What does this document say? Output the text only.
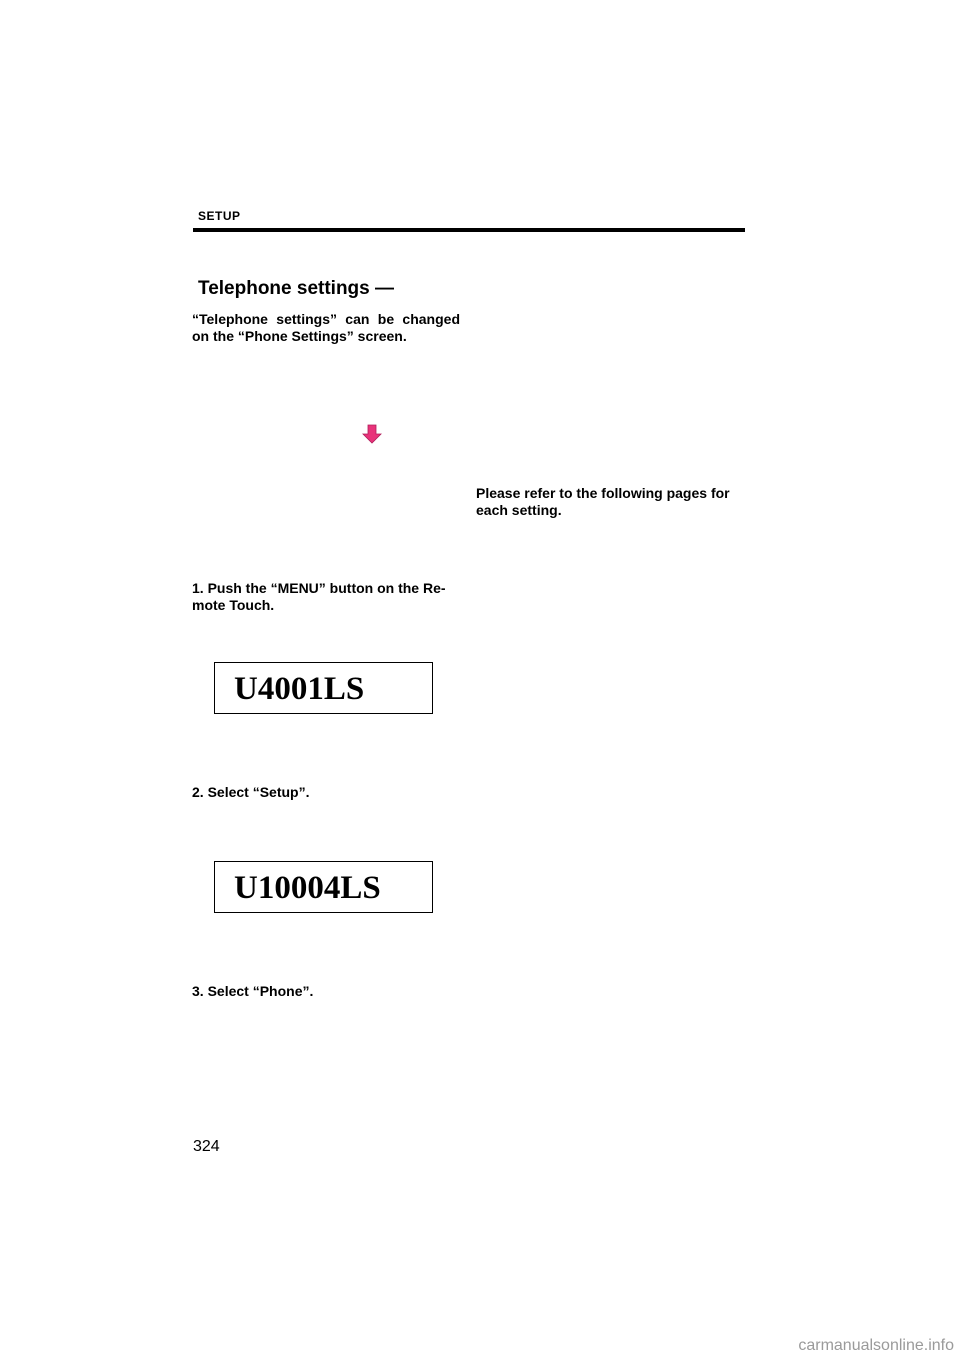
SETUP
Telephone settings —
“Telephone settings” can be changed on the “Phone Settings” screen.
Please refer to the following pages for each setting.
1. Push the “MENU” button on the Re-
mote Touch.
U4001LS
2. Select “Setup”.
U10004LS
3. Select “Phone”.
324
carmanualsonline.info
